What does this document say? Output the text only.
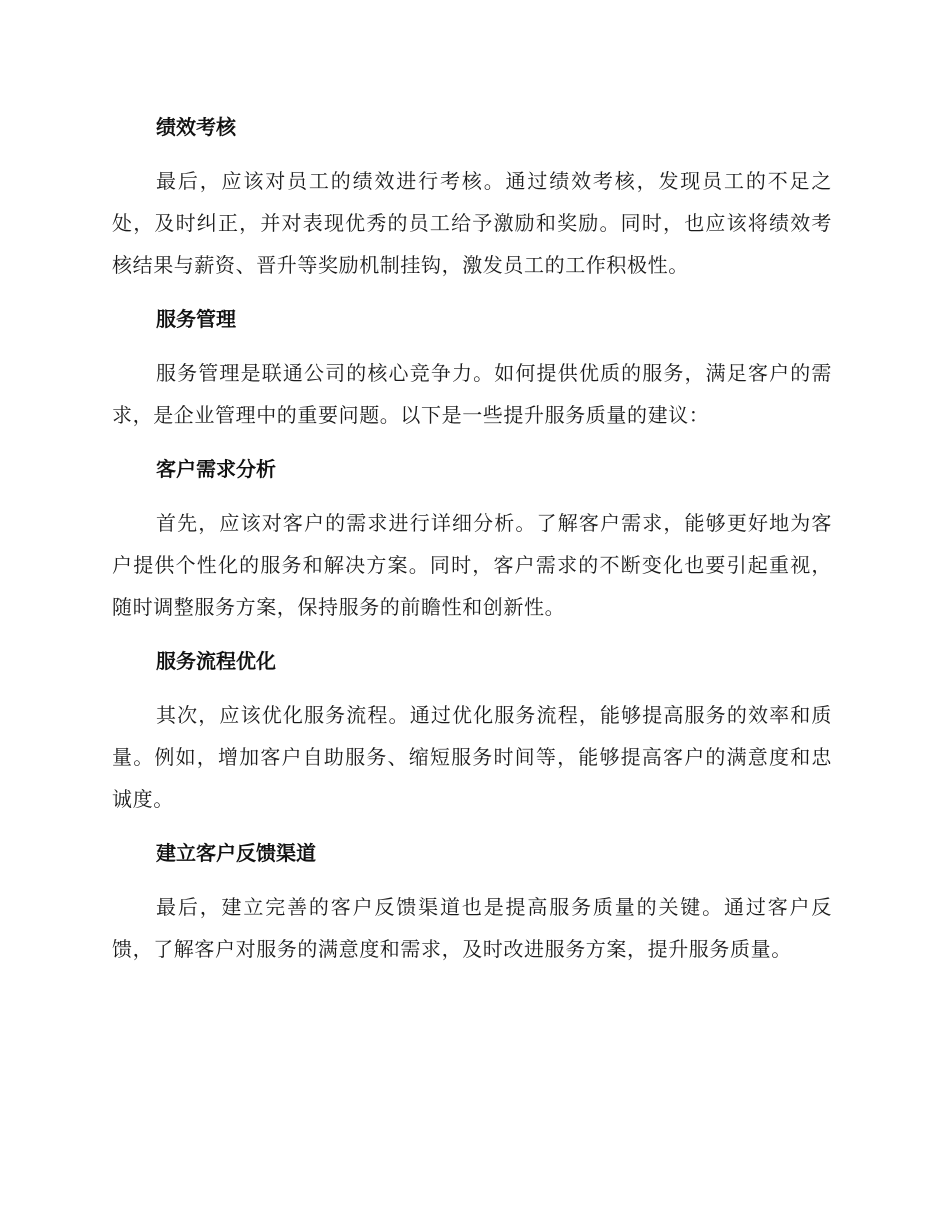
绩效考核

最后，应该对员工的绩效进行考核。通过绩效考核，发现员工的不足之处，及时纠正，并对表现优秀的员工给予激励和奖励。同时，也应该将绩效考核结果与薪资、晋升等奖励机制挂钩，激发员工的工作积极性。

服务管理

服务管理是联通公司的核心竞争力。如何提供优质的服务，满足客户的需求，是企业管理中的重要问题。以下是一些提升服务质量的建议：

客户需求分析

首先，应该对客户的需求进行详细分析。了解客户需求，能够更好地为客户提供个性化的服务和解决方案。同时，客户需求的不断变化也要引起重视，随时调整服务方案，保持服务的前瞻性和创新性。

服务流程优化

其次，应该优化服务流程。通过优化服务流程，能够提高服务的效率和质量。例如，增加客户自助服务、缩短服务时间等，能够提高客户的满意度和忠诚度。

建立客户反馈渠道

最后，建立完善的客户反馈渠道也是提高服务质量的关键。通过客户反馈，了解客户对服务的满意度和需求，及时改进服务方案，提升服务质量。
